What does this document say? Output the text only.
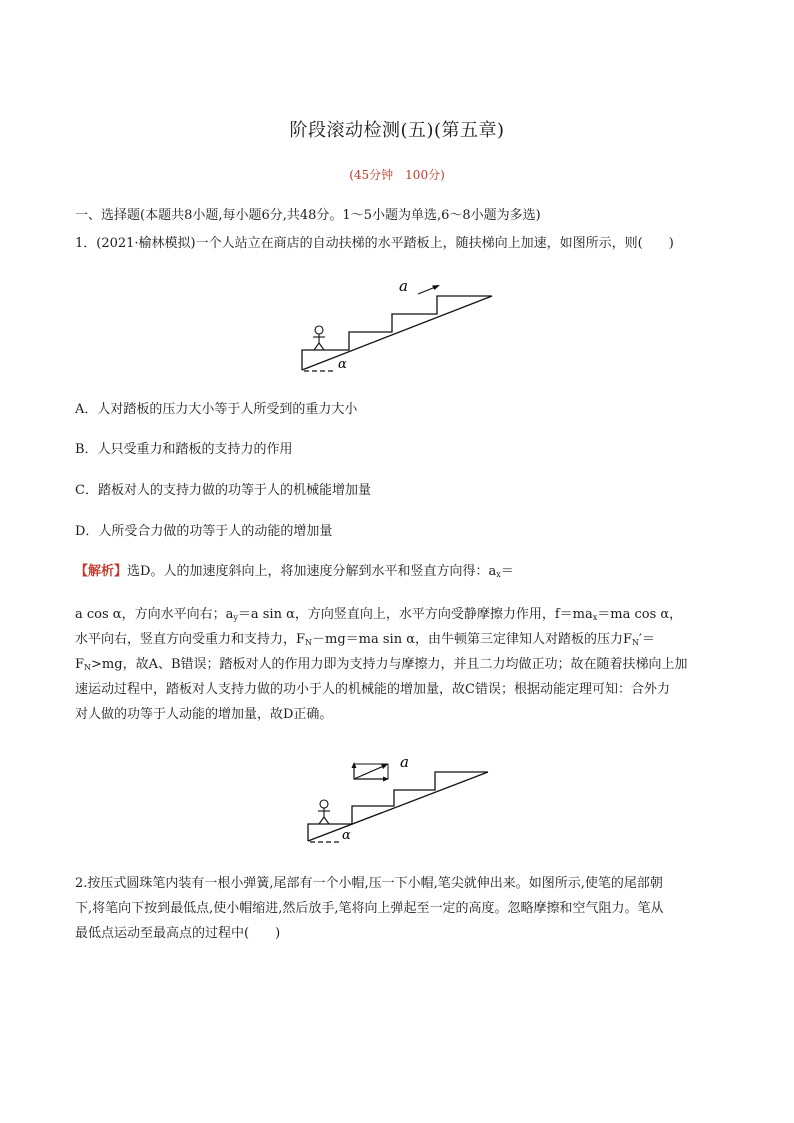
阶段滚动检测(五)(第五章)
(45分钟　100分)
一、选择题(本题共8小题,每小题6分,共48分。1～5小题为单选,6～8小题为多选)
1．(2021·榆林模拟)一个人站立在商店的自动扶梯的水平踏板上，随扶梯向上加速，如图所示，则(　　)
a
α
A．人对踏板的压力大小等于人所受到的重力大小
B．人只受重力和踏板的支持力的作用
C．踏板对人的支持力做的功等于人的机械能增加量
D．人所受合力做的功等于人的动能的增加量
【解析】选D。人的加速度斜向上，将加速度分解到水平和竖直方向得：$a_x=$
a cos α，方向水平向右；$a_y=a$ sin α，方向竖直向上，水平方向受静摩擦力作用，$f=ma_x=ma$ cos α，
水平向右，竖直方向受重力和支持力，$F_N-mg=ma$ sin α，由牛顿第三定律知人对踏板的压力$F_N'=$
$F_N>mg$，故A、B错误；踏板对人的作用力即为支持力与摩擦力，并且二力均做正功；故在随着扶梯向上加
速运动过程中，踏板对人支持力做的功小于人的机械能的增加量，故C错误；根据动能定理可知：合外力
对人做的功等于人动能的增加量，故D正确。
a
α
2.按压式圆珠笔内装有一根小弹簧,尾部有一个小帽,压一下小帽,笔尖就伸出来。如图所示,使笔的尾部朝
下,将笔向下按到最低点,使小帽缩进,然后放手,笔将向上弹起至一定的高度。忽略摩擦和空气阻力。笔从
最低点运动至最高点的过程中(　　)
